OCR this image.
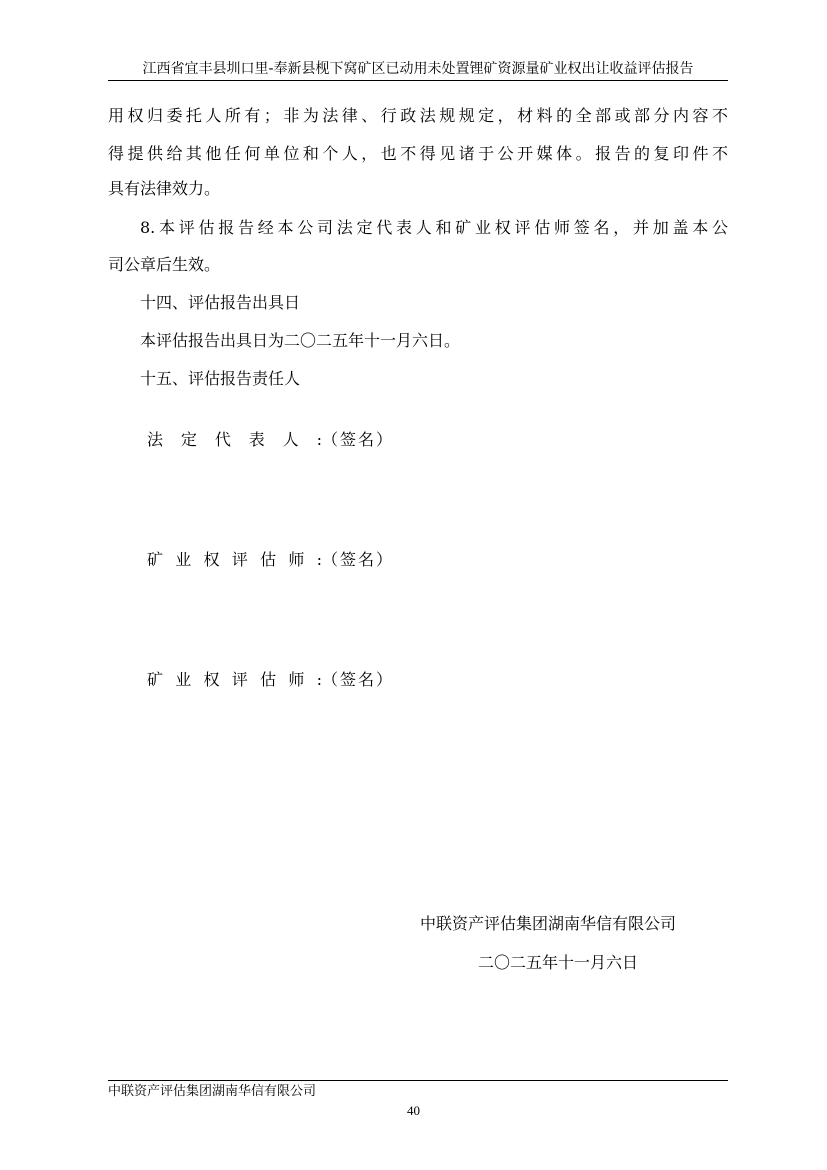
江西省宜丰县圳口里-奉新县枧下窝矿区已动用未处置锂矿资源量矿业权出让收益评估报告
用权归委托人所有；非为法律、行政法规规定，材料的全部或部分内容不
得提供给其他任何单位和个人，也不得见诸于公开媒体。报告的复印件不
具有法律效力。
8.本评估报告经本公司法定代表人和矿业权评估师签名，并加盖本公
司公章后生效。
十四、评估报告出具日
本评估报告出具日为二〇二五年十一月六日。
十五、评估报告责任人
法定代表人:（签名）
矿业权评估师:（签名）
矿业权评估师:（签名）
中联资产评估集团湖南华信有限公司
二〇二五年十一月六日
中联资产评估集团湖南华信有限公司
40
